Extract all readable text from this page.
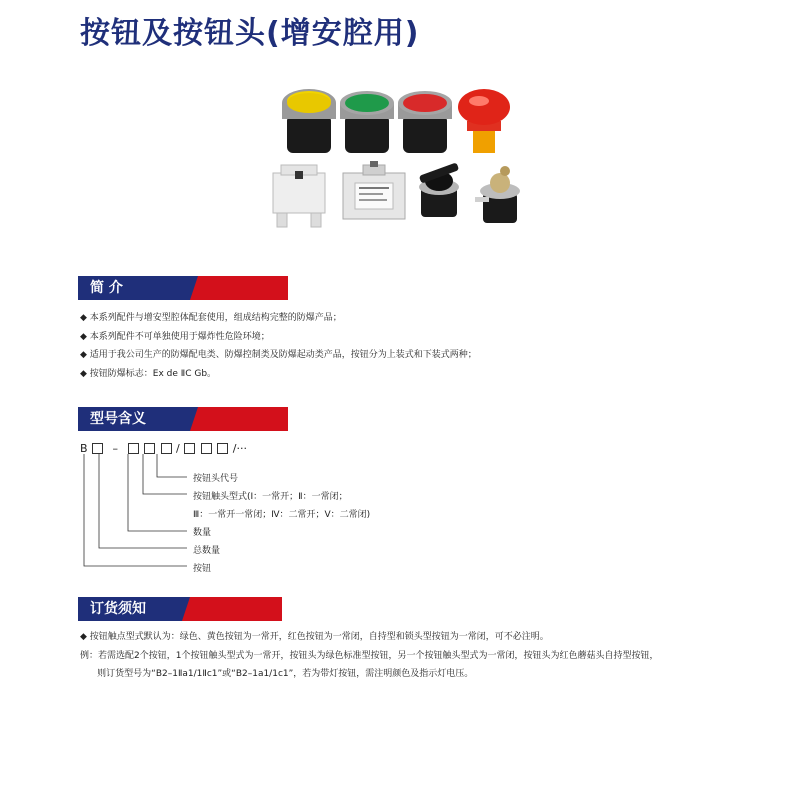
按钮及按钮头(增安腔用)
简 介
◆ 本系列配件与增安型腔体配套使用，组成结构完整的防爆产品；
◆ 本系列配件不可单独使用于爆炸性危险环境；
◆ 适用于我公司生产的防爆配电类、防爆控制类及防爆起动类产品，按钮分为上装式和下装式两种；
◆ 按钮防爆标志：Ex de ⅡC Gb。
型号含义
B –	/	/···
按钮头代号
按钮触头型式(Ⅰ：一常开；Ⅱ：一常闭；
Ⅲ：一常开一常闭；Ⅳ：二常开；Ⅴ：二常闭)
数量
总数量
按钮
订货须知
◆ 按钮触点型式默认为：绿色、黄色按钮为一常开，红色按钮为一常闭，自持型和锁头型按钮为一常闭，可不必注明。
例：若需选配2个按钮，1个按钮触头型式为一常开，按钮头为绿色标准型按钮，另一个按钮触头型式为一常闭，按钮头为红色蘑菇头自持型按钮，
则订货型号为“B2–1Ⅱa1/1Ⅱc1”或“B2–1a1/1c1”，若为带灯按钮，需注明颜色及指示灯电压。
